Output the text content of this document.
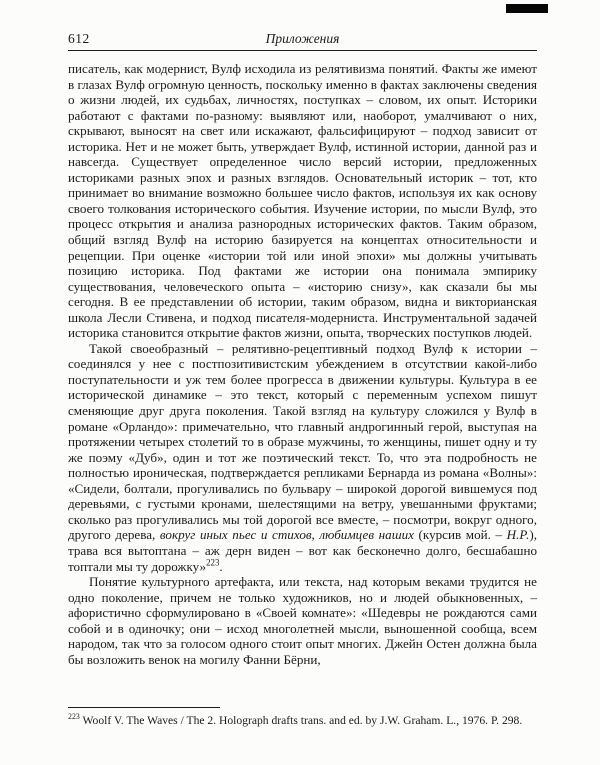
Приложения
612

писатель, как модернист, Вулф исходила из релятивизма понятий. Факты же имеют в глазах Вулф огромную ценность, поскольку именно в фактах заключены сведения о жизни людей, их судьбах, личностях, поступках – словом, их опыт. Историки работают с фактами по-разному: выявляют или, наоборот, умалчивают о них, скрывают, выносят на свет или искажают, фальсифицируют – подход зависит от историка. Нет и не может быть, утверждает Вулф, истинной истории, данной раз и навсегда. Существует определенное число версий истории, предложенных историками разных эпох и разных взглядов. Основательный историк – тот, кто принимает во внимание возможно большее число фактов, используя их как основу своего толкования исторического события. Изучение истории, по мысли Вулф, это процесс открытия и анализа разнородных исторических фактов. Таким образом, общий взгляд Вулф на историю базируется на концептах относительности и рецепции. При оценке «истории той или иной эпохи» мы должны учитывать позицию историка. Под фактами же истории она понимала эмпирику существования, человеческого опыта – «историю снизу», как сказали бы мы сегодня. В ее представлении об истории, таким образом, видна и викторианская школа Лесли Стивена, и подход писателя-модерниста. Инструментальной задачей историка становится открытие фактов жизни, опыта, творческих поступков людей.

Такой своеобразный – релятивно-рецептивный подход Вулф к истории – соединялся у нее с постпозитивистским убеждением в отсутствии какой-либо поступательности и уж тем более прогресса в движении культуры. Культура в ее исторической динамике – это текст, который с переменным успехом пишут сменяющие друг друга поколения. Такой взгляд на культуру сложился у Вулф в романе «Орландо»: примечательно, что главный андрогинный герой, выступая на протяжении четырех столетий то в образе мужчины, то женщины, пишет одну и ту же поэму «Дуб», один и тот же поэтический текст. То, что эта подробность не полностью ироническая, подтверждается репликами Бернарда из романа «Волны»: «Сидели, болтали, прогуливались по бульвару – широкой дорогой вившемуся под деревьями, с густыми кронами, шелестящими на ветру, увешанными фруктами; сколько раз прогуливались мы той дорогой все вместе, – посмотри, вокруг одного, другого дерева, вокруг иных пьес и стихов, любимцев наших (курсив мой. – Н.Р.), трава вся вытоптана – аж дерн виден – вот как бесконечно долго, бесшабашно топтали мы ту дорожку»$^{223}$.

Понятие культурного артефакта, или текста, над которым веками трудится не одно поколение, причем не только художников, но и людей обыкновенных, – афористично сформулировано в «Своей комнате»: «Шедевры не рождаются сами собой и в одиночку; они – исход многолетней мысли, выношенной сообща, всем народом, так что за голосом одного стоит опыт многих. Джейн Остен должна была бы возложить венок на могилу Фанни Бёрни,

$^{223}$ Woolf V. The Waves / The 2. Holograph drafts trans. and ed. by J.W. Graham. L., 1976. P. 298.
